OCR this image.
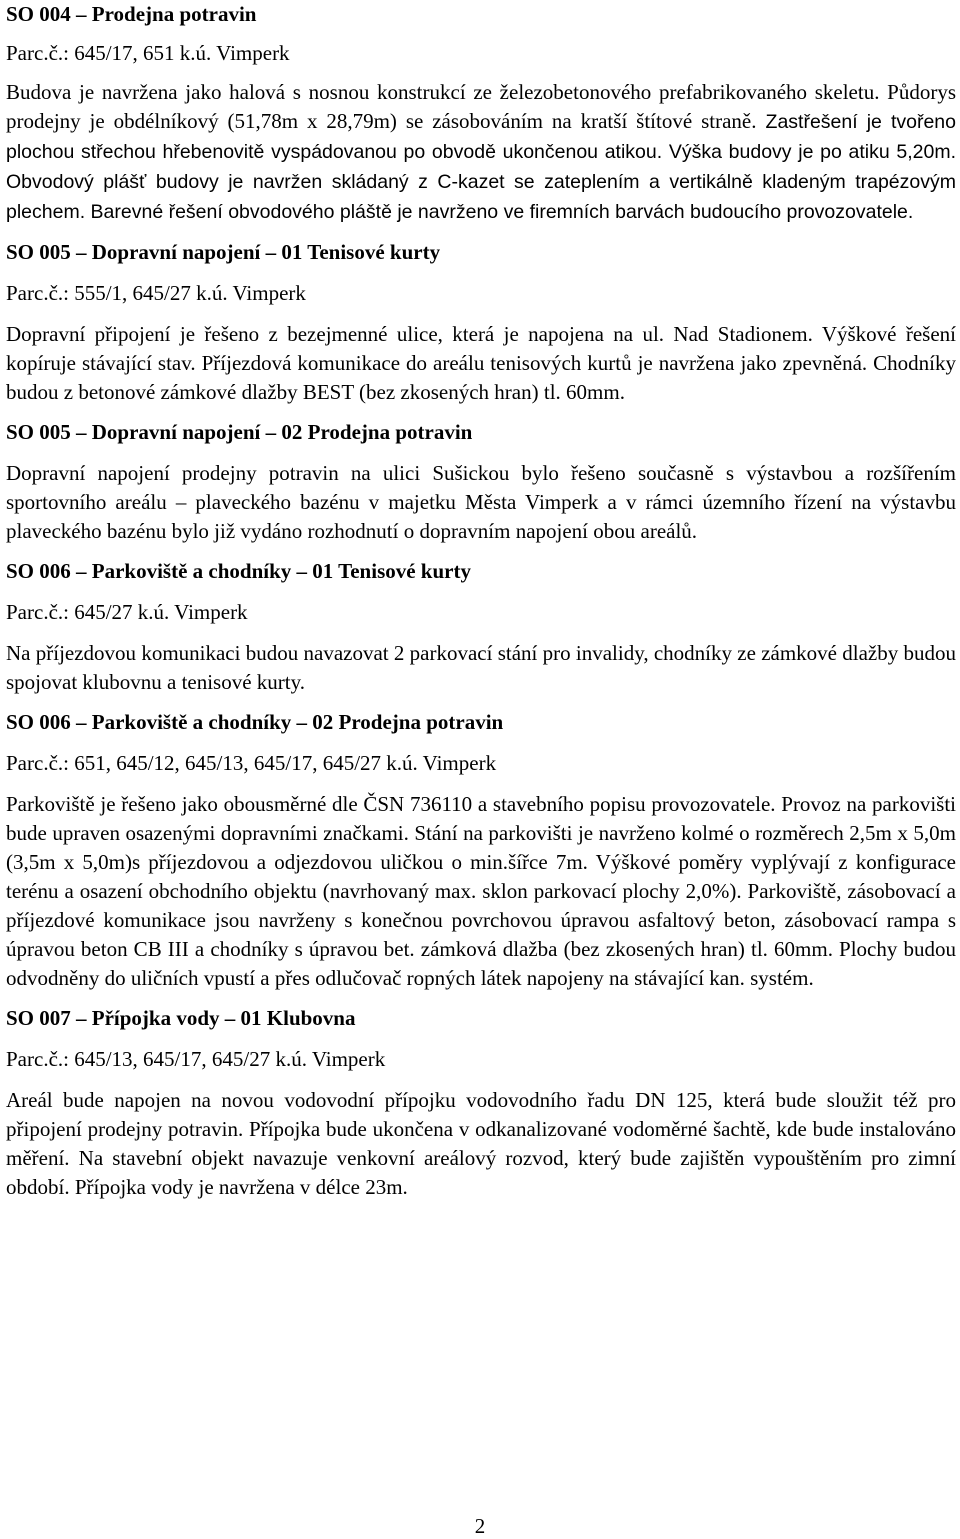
SO 004 – Prodejna potravin

Parc.č.: 645/17, 651 k.ú. Vimperk

Budova je navržena jako halová s nosnou konstrukcí ze železobetonového prefabrikovaného skeletu. Půdorys prodejny je obdélníkový (51,78m x 28,79m) se zásobováním na kratší štítové straně. Zastřešení je tvořeno plochou střechou hřebenovitě vyspádovanou po obvodě ukončenou atikou. Výška budovy je po atiku 5,20m. Obvodový plášť budovy je navržen skládaný z C-kazet se zateplením a vertikálně kladeným trapézovým plechem. Barevné řešení obvodového pláště je navrženo ve firemních barvách budoucího provozovatele.

SO 005 – Dopravní napojení – 01 Tenisové kurty

Parc.č.: 555/1, 645/27 k.ú. Vimperk

Dopravní připojení je řešeno z bezejmenné ulice, která je napojena na ul. Nad Stadionem. Výškové řešení kopíruje stávající stav. Příjezdová komunikace do areálu tenisových kurtů je navržena jako zpevněná. Chodníky budou z betonové zámkové dlažby BEST (bez zkosených hran) tl. 60mm.

SO 005 – Dopravní napojení – 02 Prodejna potravin

Dopravní napojení prodejny potravin na ulici Sušickou bylo řešeno současně s výstavbou a rozšířením sportovního areálu – plaveckého bazénu v majetku Města Vimperk a v rámci územního řízení na výstavbu plaveckého bazénu bylo již vydáno rozhodnutí o dopravním napojení obou areálů.

SO 006 – Parkoviště a chodníky – 01 Tenisové kurty

Parc.č.: 645/27 k.ú. Vimperk

Na příjezdovou komunikaci budou navazovat 2 parkovací stání pro invalidy, chodníky ze zámkové dlažby budou spojovat klubovnu a tenisové kurty.

SO 006 – Parkoviště a chodníky – 02 Prodejna potravin

Parc.č.: 651, 645/12, 645/13, 645/17, 645/27 k.ú. Vimperk

Parkoviště je řešeno jako obousměrné dle ČSN 736110 a stavebního popisu provozovatele. Provoz na parkovišti bude upraven osazenými dopravními značkami. Stání na parkovišti je navrženo kolmé o rozměrech 2,5m x 5,0m (3,5m x 5,0m)s příjezdovou a odjezdovou uličkou o min.šířce 7m. Výškové poměry vyplývají z konfigurace terénu a osazení obchodního objektu (navrhovaný max. sklon parkovací plochy 2,0%). Parkoviště, zásobovací a příjezdové komunikace jsou navrženy s konečnou povrchovou úpravou asfaltový beton, zásobovací rampa s úpravou beton CB III a chodníky s úpravou bet. zámková dlažba (bez zkosených hran) tl. 60mm. Plochy budou odvodněny do uličních vpustí a přes odlučovač ropných látek napojeny na stávající kan. systém.

SO 007 – Přípojka vody – 01 Klubovna

Parc.č.: 645/13, 645/17, 645/27 k.ú. Vimperk

Areál bude napojen na novou vodovodní přípojku vodovodního řadu DN 125, která bude sloužit též pro připojení prodejny potravin. Přípojka bude ukončena v odkanalizované vodoměrné šachtě, kde bude instalováno měření. Na stavební objekt navazuje venkovní areálový rozvod, který bude zajištěn vypouštěním pro zimní období. Přípojka vody je navržena v délce 23m.

2
